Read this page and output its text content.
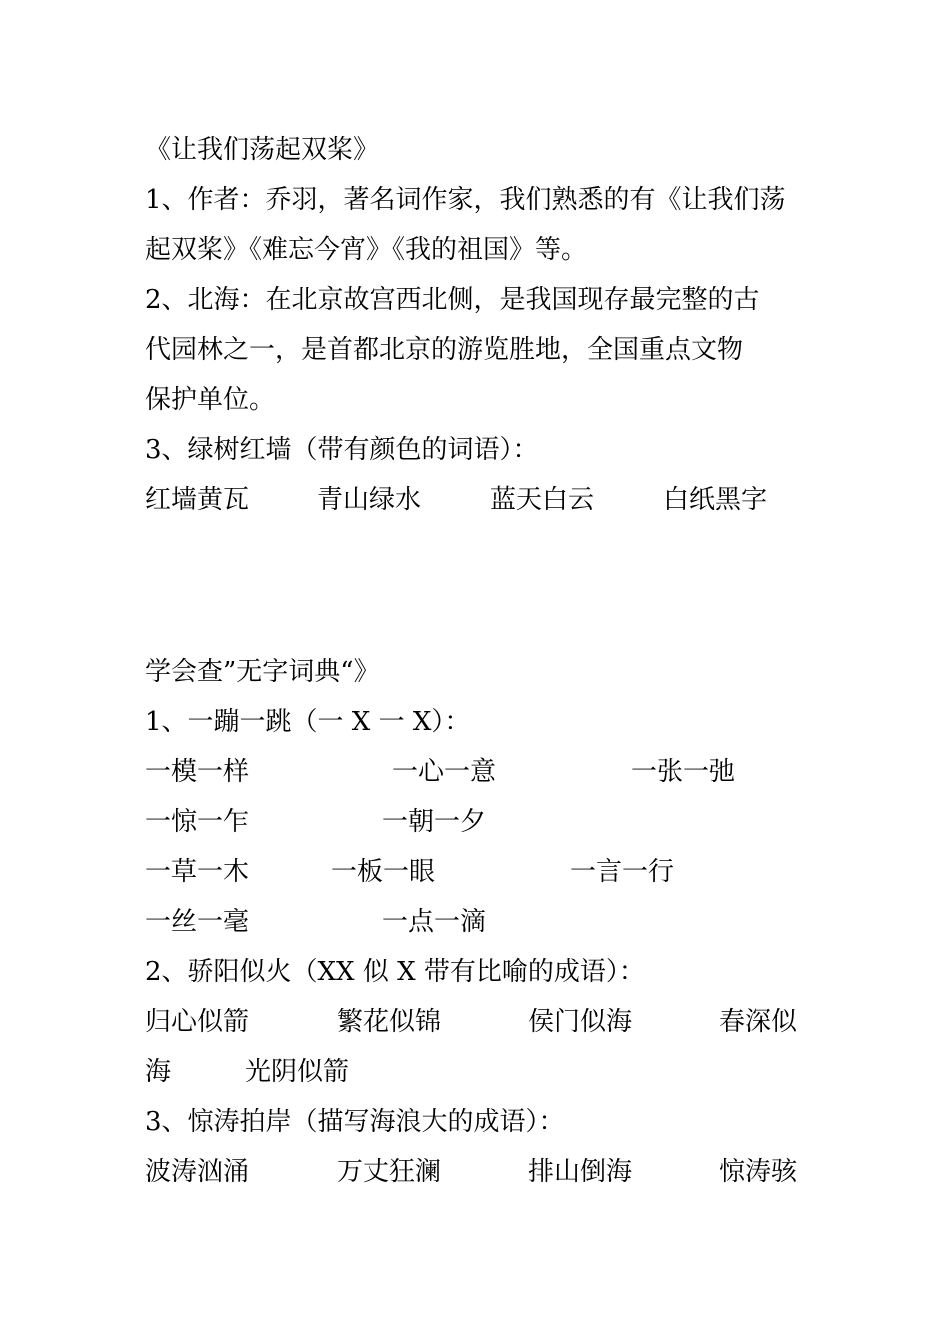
《让我们荡起双桨》
1、作者：乔羽，著名词作家，我们熟悉的有《让我们荡
起双桨》《难忘今宵》《我的祖国》等。
2、北海：在北京故宫西北侧，是我国现存最完整的古
代园林之一，是首都北京的游览胜地，全国重点文物
保护单位。
3、绿树红墙（带有颜色的词语）：
红墙黄瓦	青山绿水	蓝天白云	白纸黑字
学会查”无字词典“》
1、一蹦一跳（一 X 一 X）：
一模一样	一心一意	一张一弛
一惊一乍	一朝一夕
一草一木	一板一眼	一言一行
一丝一毫	一点一滴
2、骄阳似火（XX 似 X 带有比喻的成语）：
归心似箭	繁花似锦	侯门似海	春深似
海	光阴似箭
3、惊涛拍岸（描写海浪大的成语）：
波涛汹涌	万丈狂澜	排山倒海	惊涛骇
